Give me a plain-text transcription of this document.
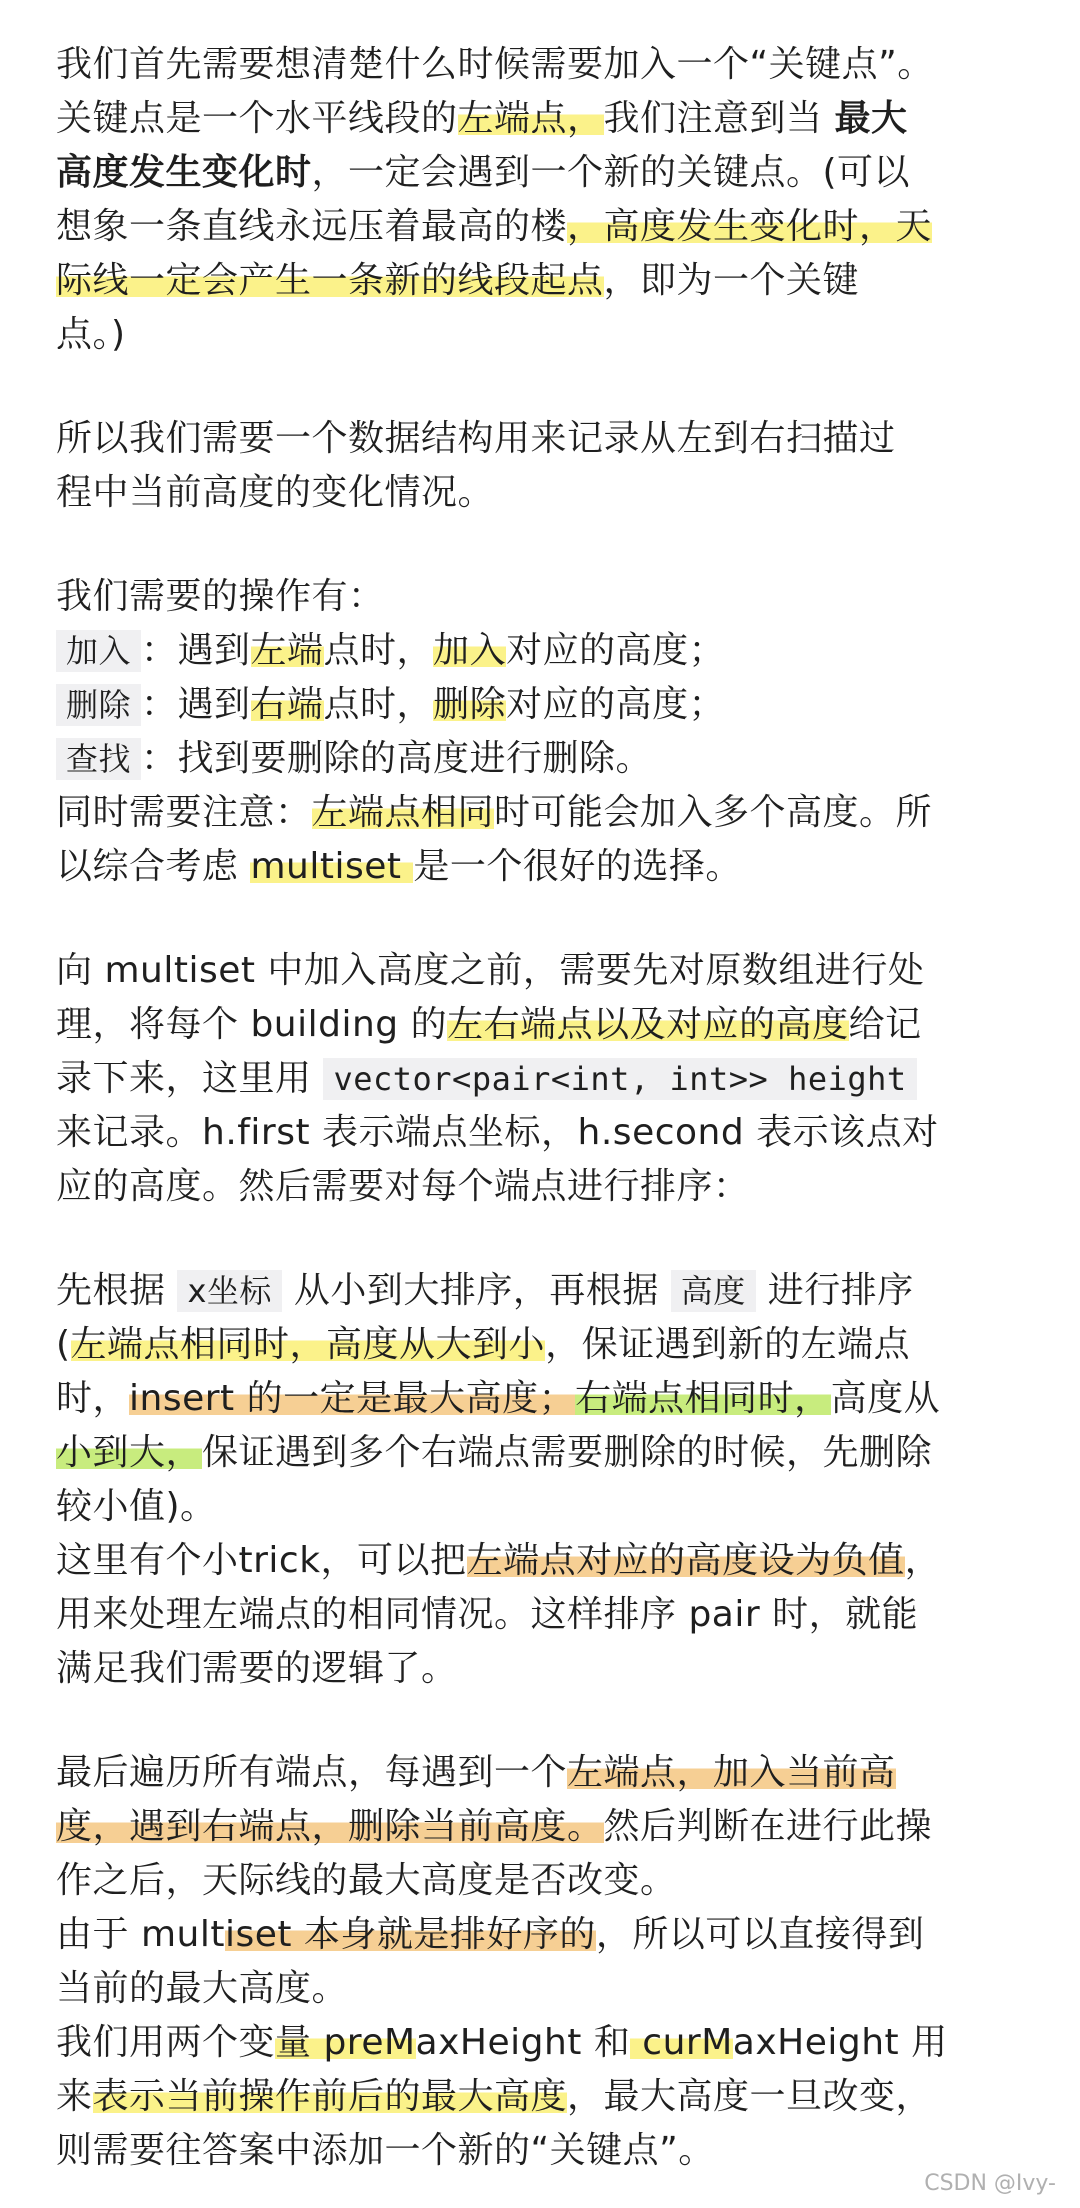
我们首先需要想清楚什么时候需要加入一个“关键点”。

关键点是一个水平线段的左端点，我们注意到当 最大

高度发生变化时，一定会遇到一个新的关键点。(可以

想象一条直线永远压着最高的楼，高度发生变化时，天

际线一定会产生一条新的线段起点，即为一个关键

点。)

所以我们需要一个数据结构用来记录从左到右扫描过

程中当前高度的变化情况。

我们需要的操作有：

加入 ：遇到左端点时，加入对应的高度；

删除 ：遇到右端点时，删除对应的高度；

查找 ：找到要删除的高度进行删除。

同时需要注意：左端点相同时可能会加入多个高度。所

以综合考虑 multiset 是一个很好的选择。

向 multiset 中加入高度之前，需要先对原数组进行处

理，将每个 building 的左右端点以及对应的高度给记

录下来，这里用 vector<pair<int, int>> height

来记录。h.first 表示端点坐标，h.second 表示该点对

应的高度。然后需要对每个端点进行排序：

先根据 x坐标 从小到大排序，再根据 高度 进行排序

(左端点相同时，高度从大到小，保证遇到新的左端点

时，insert 的一定是最大高度；右端点相同时，高度从

小到大，保证遇到多个右端点需要删除的时候，先删除

较小值)。

这里有个小trick，可以把左端点对应的高度设为负值，

用来处理左端点的相同情况。这样排序 pair 时，就能

满足我们需要的逻辑了。

最后遍历所有端点，每遇到一个左端点，加入当前高

度，遇到右端点，删除当前高度。然后判断在进行此操

作之后，天际线的最大高度是否改变。

由于 multiset 本身就是排好序的，所以可以直接得到

当前的最大高度。

我们用两个变量 preMaxHeight 和 curMaxHeight 用

来表示当前操作前后的最大高度，最大高度一旦改变，

则需要往答案中添加一个新的“关键点”。

CSDN @Ivy-
